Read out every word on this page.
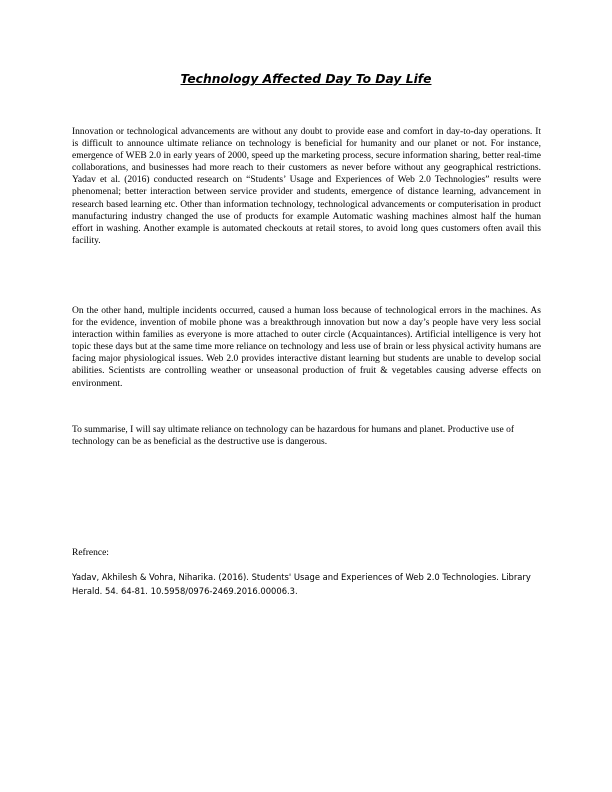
Technology Affected Day To Day Life

Innovation or technological advancements are without any doubt to provide ease and comfort in day-to-day operations. It is difficult to announce ultimate reliance on technology is beneficial for humanity and our planet or not. For instance, emergence of WEB 2.0 in early years of 2000, speed up the marketing process, secure information sharing, better real-time collaborations, and businesses had more reach to their customers as never before without any geographical restrictions. Yadav et al. (2016) conducted research on “Students’ Usage and Experiences of Web 2.0 Technologies” results were phenomenal; better interaction between service provider and students, emergence of distance learning, advancement in research based learning etc. Other than information technology, technological advancements or computerisation in product manufacturing industry changed the use of products for example Automatic washing machines almost half the human effort in washing. Another example is automated checkouts at retail stores, to avoid long ques customers often avail this facility.

On the other hand, multiple incidents occurred, caused a human loss because of technological errors in the machines. As for the evidence, invention of mobile phone was a breakthrough innovation but now a day’s people have very less social interaction within families as everyone is more attached to outer circle (Acquaintances). Artificial intelligence is very hot topic these days but at the same time more reliance on technology and less use of brain or less physical activity humans are facing major physiological issues. Web 2.0 provides interactive distant learning but students are unable to develop social abilities. Scientists are controlling weather or unseasonal production of fruit & vegetables causing adverse effects on environment.

To summarise, I will say ultimate reliance on technology can be hazardous for humans and planet. Productive use of technology can be as beneficial as the destructive use is dangerous.

Refrence:

Yadav, Akhilesh & Vohra, Niharika. (2016). Students' Usage and Experiences of Web 2.0 Technologies. Library Herald. 54. 64-81. 10.5958/0976-2469.2016.00006.3.
